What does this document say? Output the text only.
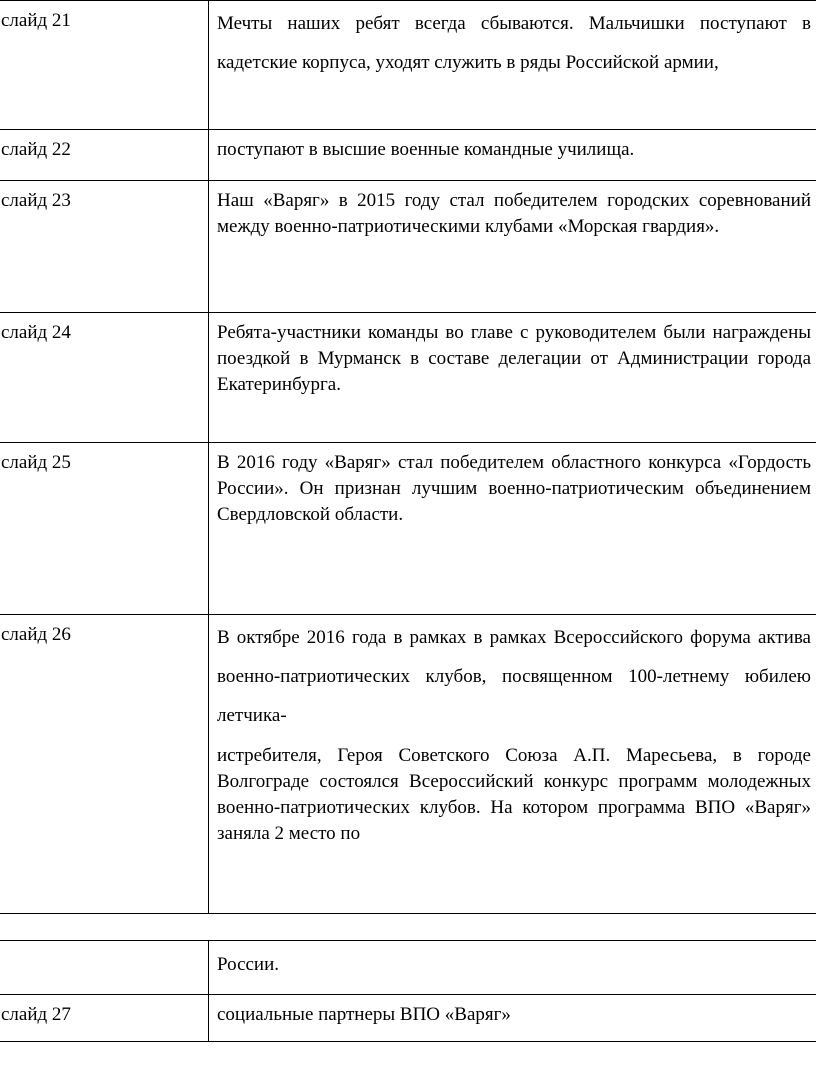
слайд 21	Мечты наших ребят всегда сбываются. Мальчишки поступают в кадетские корпуса, уходят служить в ряды Российской армии,

слайд 22	поступают в высшие военные командные училища.

слайд 23	Наш «Варяг» в 2015 году стал победителем городских соревнований между военно-патриотическими клубами «Морская гвардия».

слайд 24	Ребята-участники команды во главе с руководителем были награждены поездкой в Мурманск в составе делегации от Администрации города Екатеринбурга.

слайд 25	В 2016 году «Варяг» стал победителем областного конкурса «Гордость России». Он признан лучшим военно-патриотическим объединением Свердловской области.

слайд 26	В октябре 2016 года в рамках в рамках Всероссийского форума актива военно-патриотических клубов, посвященном 100-летнему юбилею летчика-
истребителя, Героя Советского Союза А.П. Маресьева, в городе Волгограде состоялся Всероссийский конкурс программ молодежных военно-патриотических клубов. На котором программа ВПО «Варяг» заняла 2 место по

	России.

слайд 27	социальные партнеры ВПО «Варяг»
